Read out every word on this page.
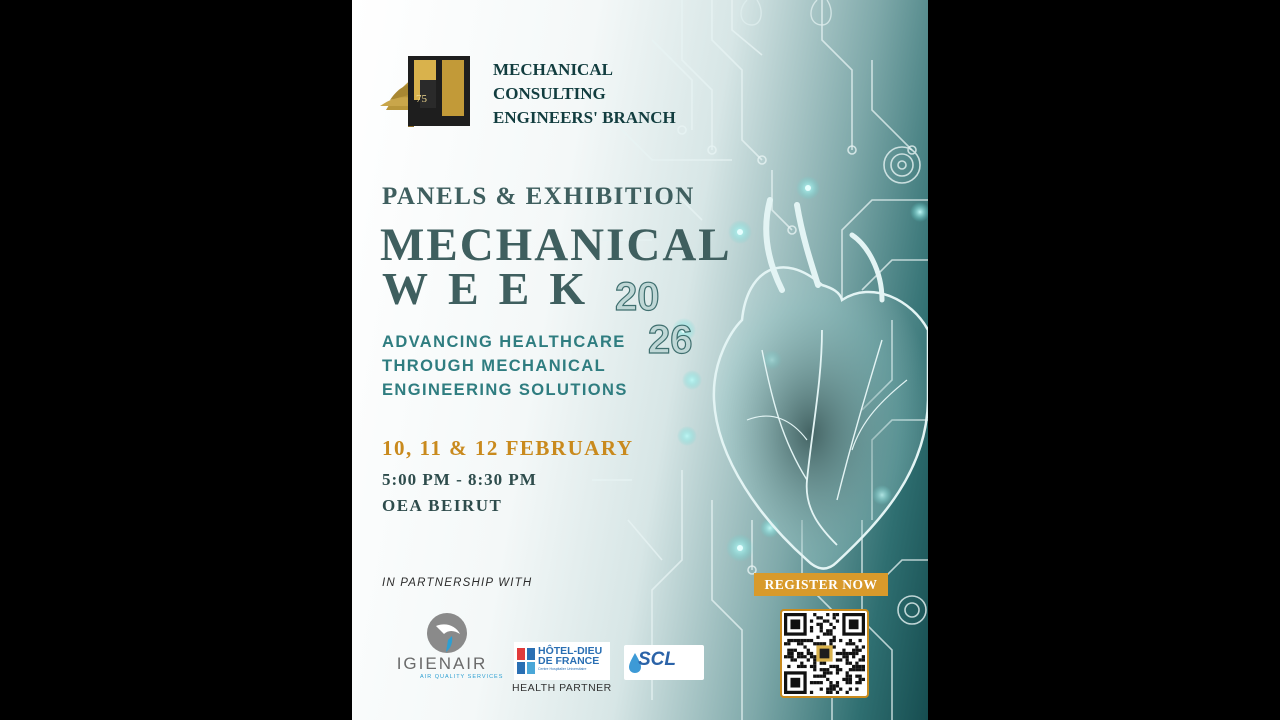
75
MECHANICAL
CONSULTING
ENGINEERS' BRANCH
PANELS & EXHIBITION
MECHANICAL
WEEK 20
26
ADVANCING HEALTHCARE
THROUGH MECHANICAL
ENGINEERING SOLUTIONS
10, 11 & 12 FEBRUARY
5:00 PM - 8:30 PM
OEA BEIRUT
IN PARTNERSHIP WITH
IGIENAIR
AIR QUALITY SERVICES
HÔTEL-DIEU
DE FRANCE
Centre Hospitalier Universitaire
HEALTH PARTNER
SCL
REGISTER NOW
